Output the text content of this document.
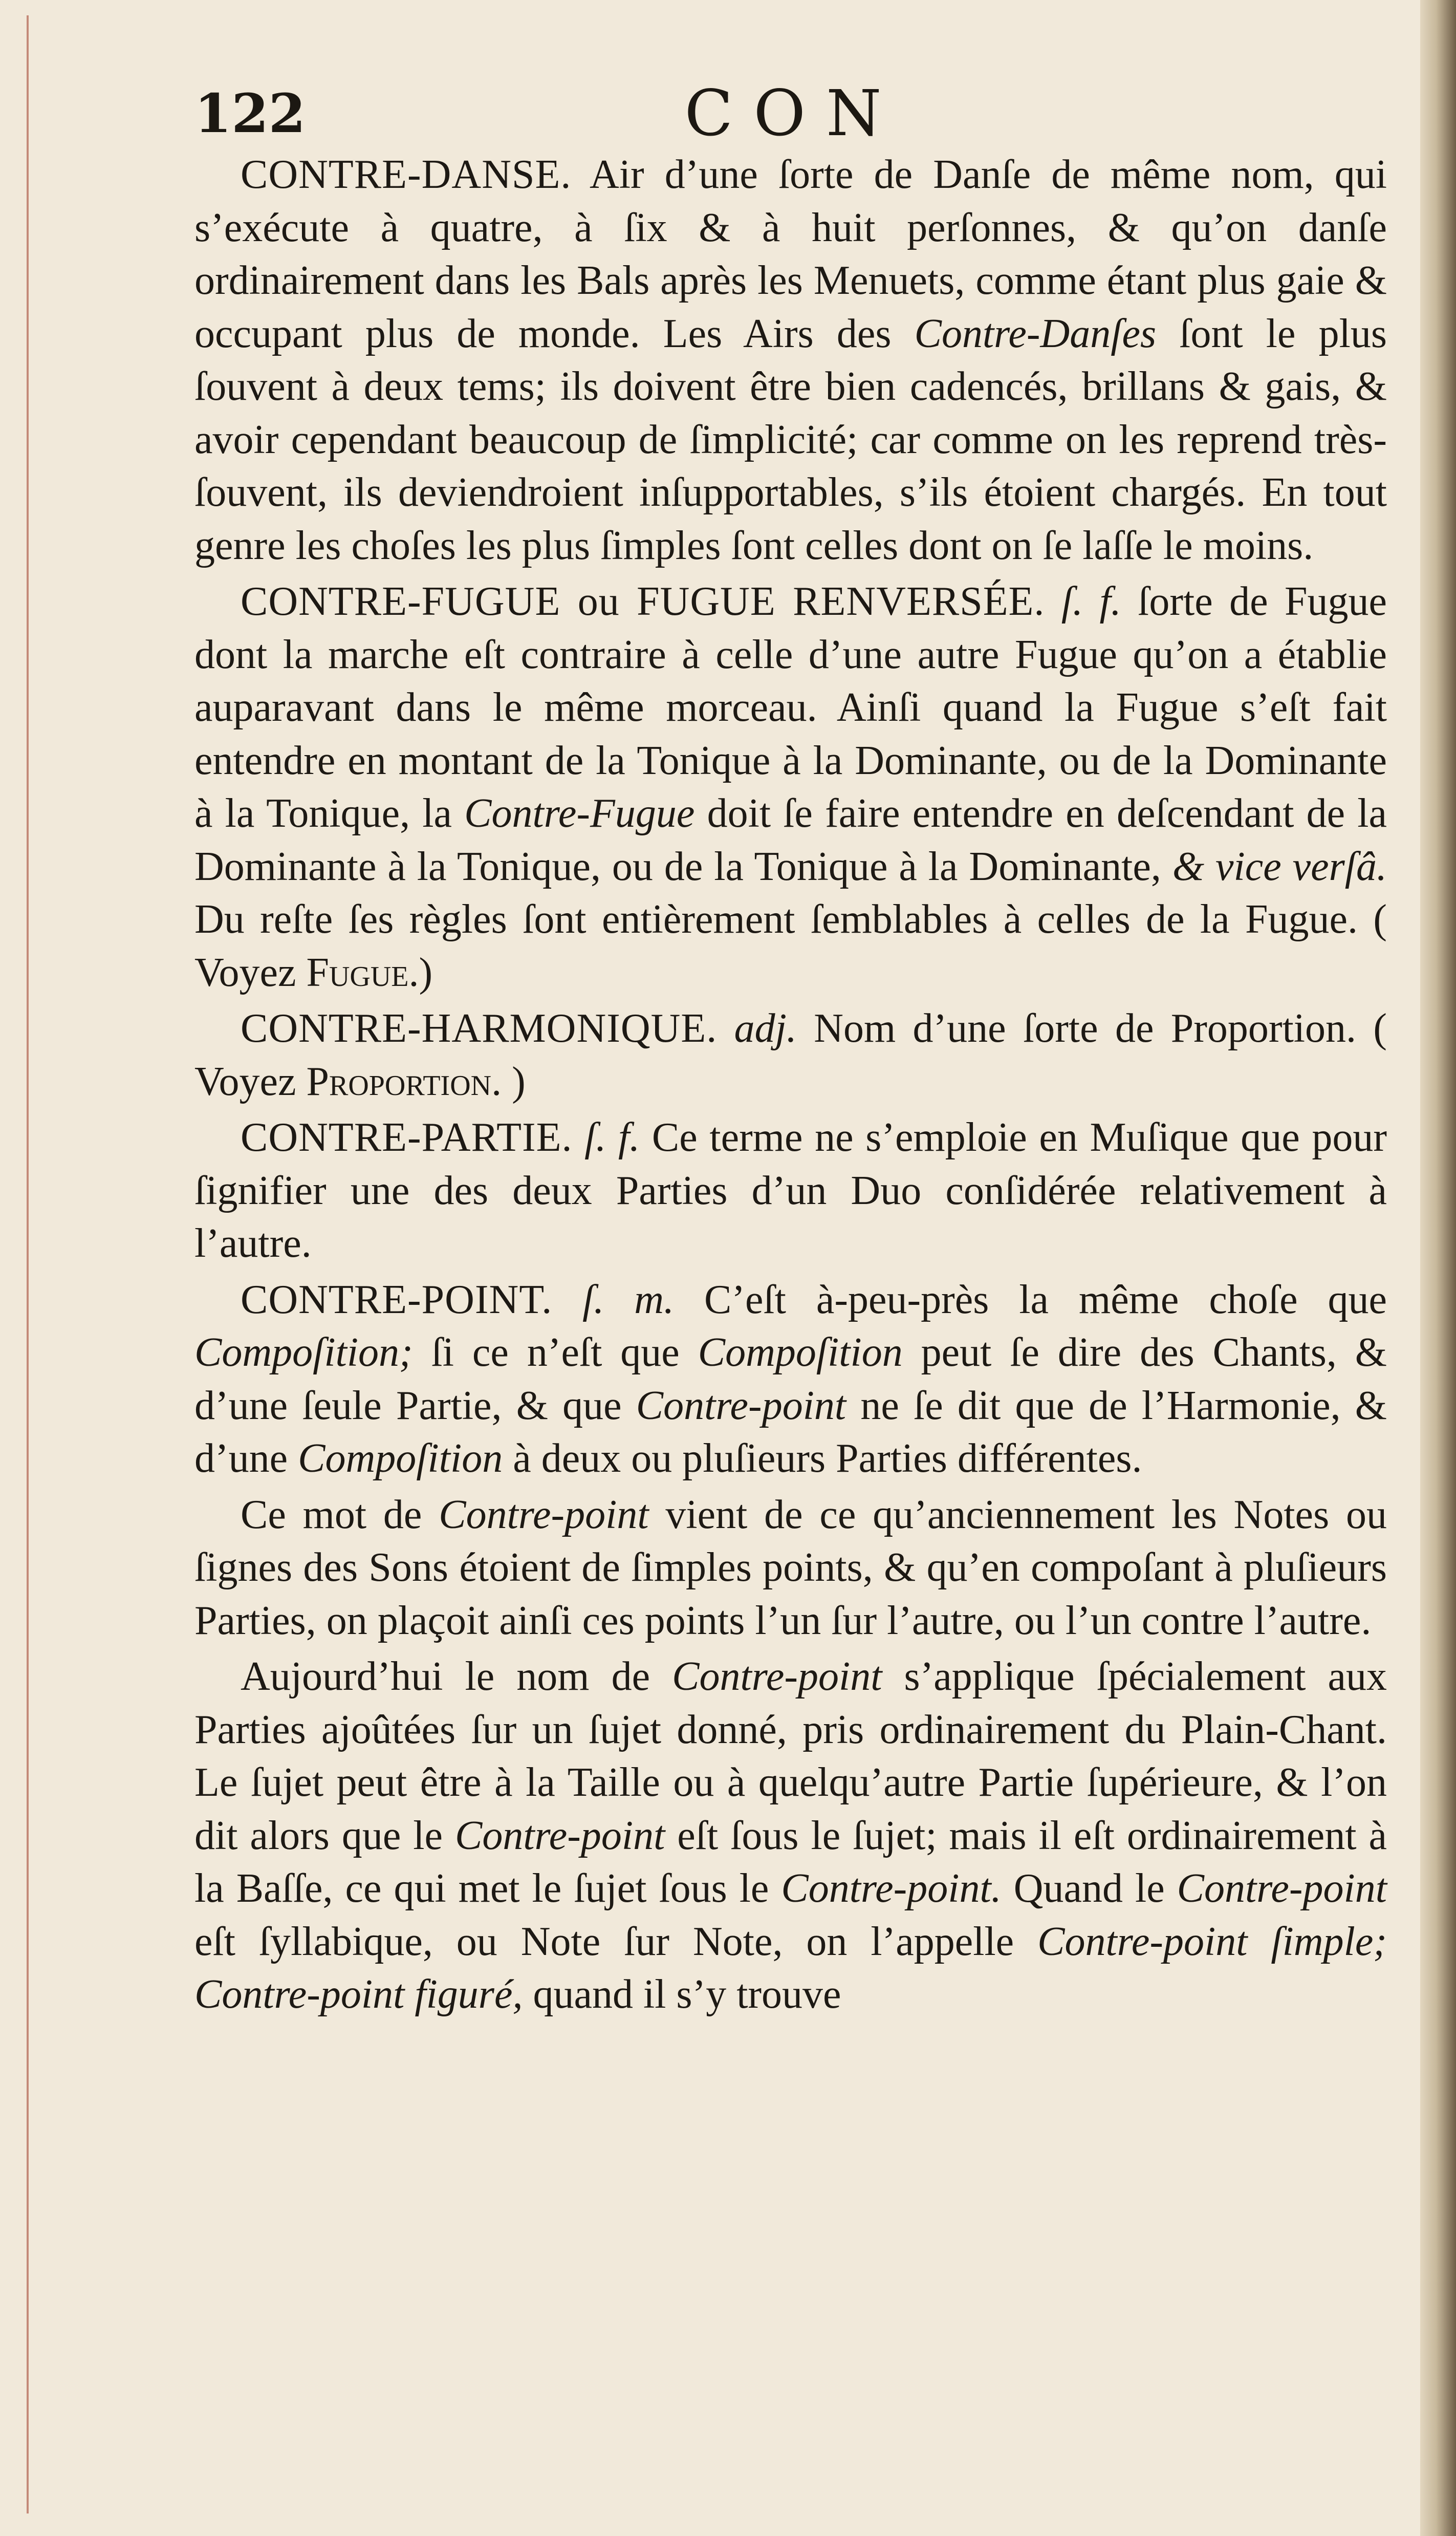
122	CON

CONTRE-DANSE. Air d’une ſorte de Danſe de même nom, qui s’exécute à quatre, à ſix & à huit perſonnes, & qu’on danſe ordinairement dans les Bals après les Menuets, comme étant plus gaie & occupant plus de monde. Les Airs des Contre-Danſes ſont le plus ſouvent à deux tems; ils doivent être bien cadencés, brillans & gais, & avoir cependant beaucoup de ſimplicité; car comme on les reprend très-ſouvent, ils deviendroient inſupportables, s’ils étoient chargés. En tout genre les choſes les plus ſimples ſont celles dont on ſe laſſe le moins.

CONTRE-FUGUE ou FUGUE RENVERSÉE. ſ. f. ſorte de Fugue dont la marche eſt contraire à celle d’une autre Fugue qu’on a établie auparavant dans le même morceau. Ainſi quand la Fugue s’eſt fait entendre en montant de la Tonique à la Dominante, ou de la Dominante à la Tonique, la Contre-Fugue doit ſe faire entendre en deſcendant de la Dominante à la Tonique, ou de la Tonique à la Dominante, & vice verſâ. Du reſte ſes règles ſont entièrement ſemblables à celles de la Fugue. ( Voyez Fugue.)

CONTRE-HARMONIQUE. adj. Nom d’une ſorte de Proportion. ( Voyez Proportion. )

CONTRE-PARTIE. ſ. f. Ce terme ne s’emploie en Muſique que pour ſignifier une des deux Parties d’un Duo conſidérée relativement à l’autre.

CONTRE-POINT. ſ. m. C’eſt à-peu-près la même choſe que Compoſition; ſi ce n’eſt que Compoſition peut ſe dire des Chants, & d’une ſeule Partie, & que Contre-point ne ſe dit que de l’Harmonie, & d’une Compoſition à deux ou pluſieurs Parties différentes.

Ce mot de Contre-point vient de ce qu’anciennement les Notes ou ſignes des Sons étoient de ſimples points, & qu’en compoſant à pluſieurs Parties, on plaçoit ainſi ces points l’un ſur l’autre, ou l’un contre l’autre.

Aujourd’hui le nom de Contre-point s’applique ſpécialement aux Parties ajoûtées ſur un ſujet donné, pris ordinairement du Plain-Chant. Le ſujet peut être à la Taille ou à quelqu’autre Partie ſupérieure, & l’on dit alors que le Contre-point eſt ſous le ſujet; mais il eſt ordinairement à la Baſſe, ce qui met le ſujet ſous le Contre-point. Quand le Contre-point eſt ſyllabique, ou Note ſur Note, on l’appelle Contre-point ſimple; Contre-point figuré, quand il s’y trouve
